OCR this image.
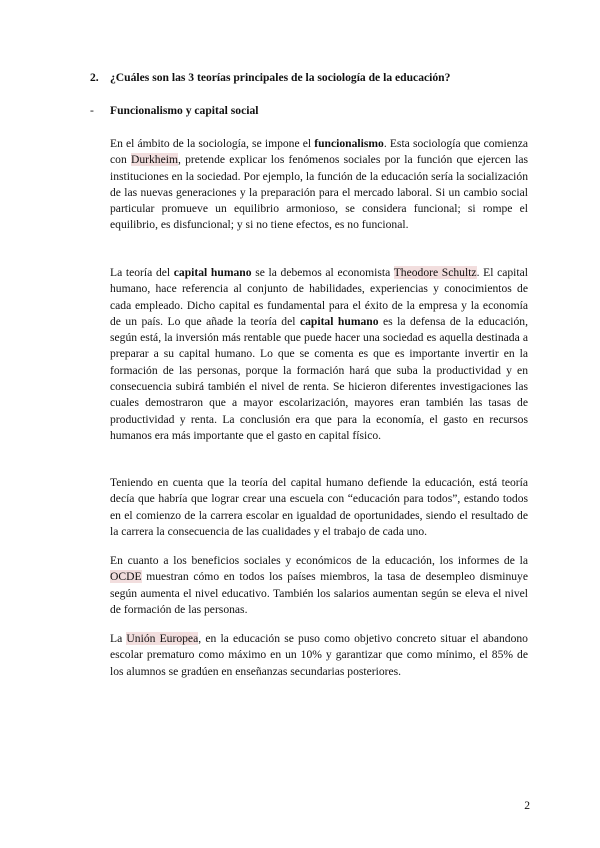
2. ¿Cuáles son las 3 teorías principales de la sociología de la educación?
- Funcionalismo y capital social

En el ámbito de la sociología, se impone el funcionalismo. Esta sociología que comienza con Durkheim, pretende explicar los fenómenos sociales por la función que ejercen las instituciones en la sociedad. Por ejemplo, la función de la educación sería la socialización de las nuevas generaciones y la preparación para el mercado laboral. Si un cambio social particular promueve un equilibrio armonioso, se considera funcional; si rompe el equilibrio, es disfuncional; y si no tiene efectos, es no funcional.

La teoría del capital humano se la debemos al economista Theodore Schultz. El capital humano, hace referencia al conjunto de habilidades, experiencias y conocimientos de cada empleado. Dicho capital es fundamental para el éxito de la empresa y la economía de un país. Lo que añade la teoría del capital humano es la defensa de la educación, según está, la inversión más rentable que puede hacer una sociedad es aquella destinada a preparar a su capital humano. Lo que se comenta es que es importante invertir en la formación de las personas, porque la formación hará que suba la productividad y en consecuencia subirá también el nivel de renta. Se hicieron diferentes investigaciones las cuales demostraron que a mayor escolarización, mayores eran también las tasas de productividad y renta. La conclusión era que para la economía, el gasto en recursos humanos era más importante que el gasto en capital físico.

Teniendo en cuenta que la teoría del capital humano defiende la educación, está teoría decía que habría que lograr crear una escuela con “educación para todos”, estando todos en el comienzo de la carrera escolar en igualdad de oportunidades, siendo el resultado de la carrera la consecuencia de las cualidades y el trabajo de cada uno.

En cuanto a los beneficios sociales y económicos de la educación, los informes de la OCDE muestran cómo en todos los países miembros, la tasa de desempleo disminuye según aumenta el nivel educativo. También los salarios aumentan según se eleva el nivel de formación de las personas.

La Unión Europea, en la educación se puso como objetivo concreto situar el abandono escolar prematuro como máximo en un 10% y garantizar que como mínimo, el 85% de los alumnos se gradúen en enseñanzas secundarias posteriores.

2
